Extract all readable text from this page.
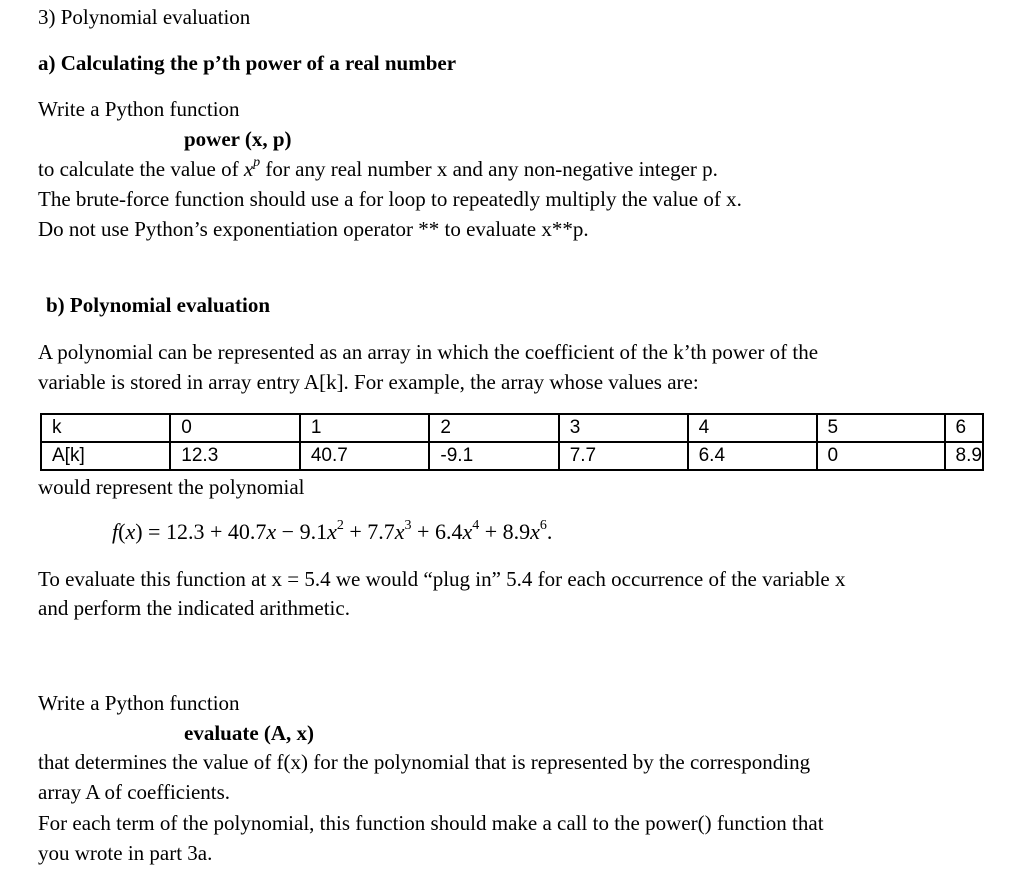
3) Polynomial evaluation
a) Calculating the p’th power of a real number
Write a Python function
power (x, p)
to calculate the value of $x^p$ for any real number x and any non-negative integer p.
The brute-force function should use a for loop to repeatedly multiply the value of x.
Do not use Python’s exponentiation operator ** to evaluate x**p.
b) Polynomial evaluation
A polynomial can be represented as an array in which the coefficient of the k’th power of the
variable is stored in array entry A[k]. For example, the array whose values are:
k	0	1	2	3	4	5	6
A[k]	12.3	40.7	-9.1	7.7	6.4	0	8.9
would represent the polynomial
$f(x) = 12.3 + 40.7x - 9.1x^2 + 7.7x^3 + 6.4x^4 + 8.9x^6$.
To evaluate this function at x = 5.4 we would “plug in” 5.4 for each occurrence of the variable x
and perform the indicated arithmetic.
Write a Python function
evaluate (A, x)
that determines the value of f(x) for the polynomial that is represented by the corresponding
array A of coefficients.
For each term of the polynomial, this function should make a call to the power() function that
you wrote in part 3a.
